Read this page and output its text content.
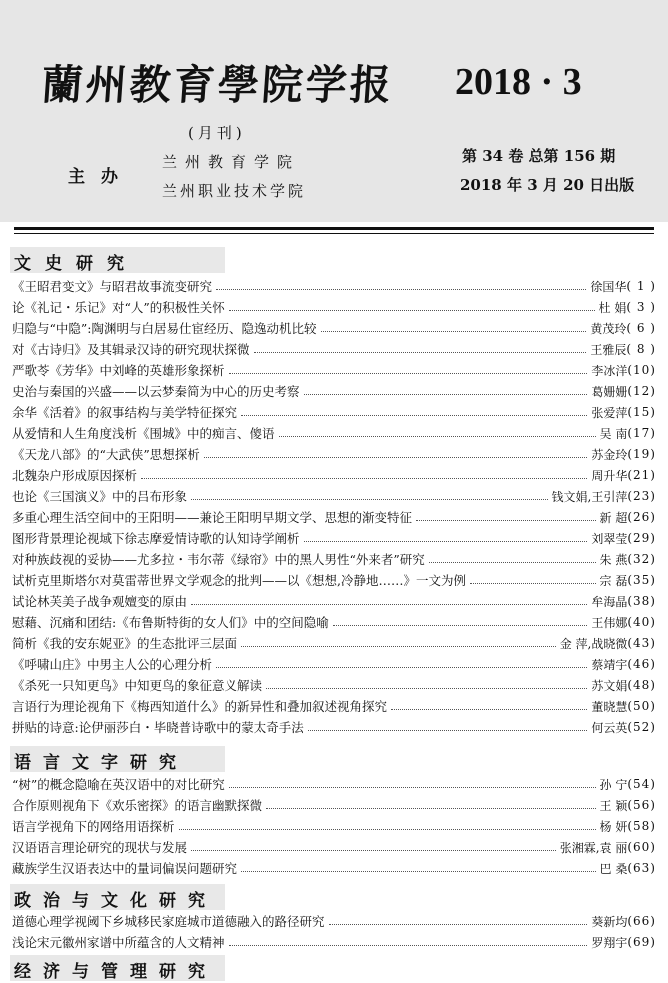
蘭州教育學院学报 2018 · 3
(月刊)
主办
兰州教育学院
兰州职业技术学院
第 34 卷 总第 156 期
2018 年 3 月 20 日出版
文史研究
《王昭君变文》与昭君故事流变研究	徐国华 ( 1 )
论《礼记・乐记》对“人”的积极性关怀	杜 娟 ( 3 )
归隐与“中隐”:陶渊明与白居易仕宦经历、隐逸动机比较	黄茂玲 ( 6 )
对《古诗归》及其辑录汉诗的研究现状探微	王雅辰 ( 8 )
严歌苓《芳华》中刘峰的英雄形象探析	李冰洋 (10)
史治与秦国的兴盛——以云梦秦简为中心的历史考察	葛姗姗 (12)
余华《活着》的叙事结构与美学特征探究	张爱萍 (15)
从爱情和人生角度浅析《围城》中的痴言、傻语	吴 南 (17)
《天龙八部》的“大武侠”思想探析	苏金玲 (19)
北魏杂户形成原因探析	周升华 (21)
也论《三国演义》中的吕布形象	钱文娟,王引萍 (23)
多重心理生活空间中的王阳明——兼论王阳明早期文学、思想的渐变特征	新 超 (26)
图形背景理论视域下徐志摩爱情诗歌的认知诗学阐析	刘翠莹 (29)
对种族歧视的妥协——尤多拉・韦尔蒂《绿帘》中的黑人男性“外来者”研究	朱 燕 (32)
试析克里斯塔尔对莫雷蒂世界文学观念的批判——以《想想,冷静地……》一文为例	宗 磊 (35)
试论林芙美子战争观嬗变的原由	牟海晶 (38)
慰藉、沉痛和团结:《布鲁斯特街的女人们》中的空间隐喻	王伟娜 (40)
简析《我的安东妮亚》的生态批评三层面	金 萍,战晓微 (43)
《呼啸山庄》中男主人公的心理分析	蔡靖宇 (46)
《杀死一只知更鸟》中知更鸟的象征意义解读	苏文娟 (48)
言语行为理论视角下《梅西知道什么》的新异性和叠加叙述视角探究	董晓慧 (50)
拼贴的诗意:论伊丽莎白・毕晓普诗歌中的蒙太奇手法	何云英 (52)
语言文字研究
“树”的概念隐喻在英汉语中的对比研究	孙 宁 (54)
合作原则视角下《欢乐密探》的语言幽默探微	王 颖 (56)
语言学视角下的网络用语探析	杨 妍 (58)
汉语语言理论研究的现状与发展	张湘霖,袁 丽 (60)
藏族学生汉语表达中的量词偏误问题研究	巴 桑 (63)
政治与文化研究
道德心理学视阈下乡城移民家庭城市道德融入的路径研究	葵新均 (66)
浅论宋元徽州家谱中所蕴含的人文精神	罗翔宇 (69)
经济与管理研究
